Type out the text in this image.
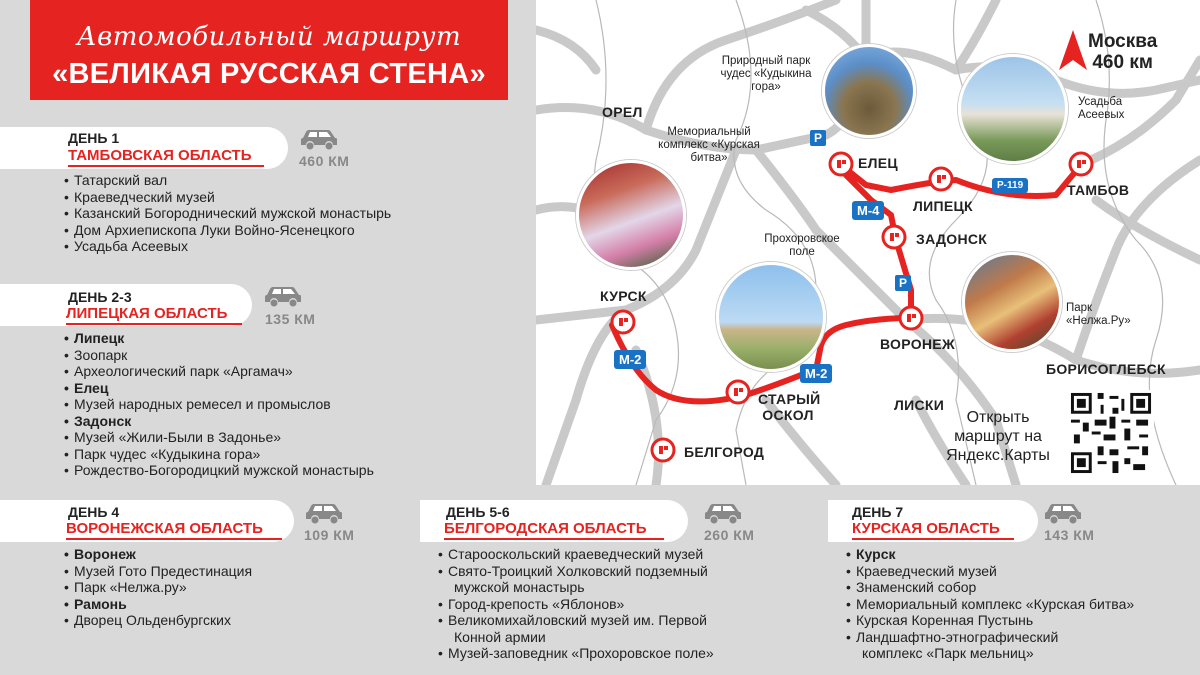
Автомобильный маршрут
«ВЕЛИКАЯ РУССКАЯ СТЕНА»
ДЕНЬ 1
ТАМБОВСКАЯ ОБЛАСТЬ	460 КМ
• Татарский вал
• Краеведческий музей
• Казанский Богороднический мужской монастырь
• Дом Архиепископа Луки Войно-Ясенецкого
• Усадьба Асеевых
ДЕНЬ 2-3
ЛИПЕЦКАЯ ОБЛАСТЬ	135 КМ
• Липецк
• Зоопарк
• Археологический парк «Аргамач»
• Елец
• Музей народных ремесел и промыслов
• Задонск
• Музей «Жили-Были в Задонье»
• Парк чудес «Кудыкина гора»
• Рождество-Богородицкий мужской монастырь
ДЕНЬ 4
ВОРОНЕЖСКАЯ ОБЛАСТЬ	109 КМ
• Воронеж
• Музей Гото Предестинация
• Парк «Нелжа.ру»
• Рамонь
• Дворец Ольденбургских
ДЕНЬ 5-6
БЕЛГОРОДСКАЯ ОБЛАСТЬ	260 КМ
• Старооскольский краеведческий музей
• Свято-Троицкий Холковский подземный
мужской монастырь
• Город-крепость «Яблонов»
• Великомихайловский музей им. Первой
Конной армии
• Музей-заповедник «Прохоровское поле»
ДЕНЬ 7
КУРСКАЯ ОБЛАСТЬ	143 КМ
• Курск
• Краеведческий музей
• Знаменский собор
• Мемориальный комплекс «Курская битва»
• Курская Коренная Пустынь
• Ландшафтно-этнографический
комплекс «Парк мельниц»
М-4
М-2
М-2
Р-119
P
P
ОРЕЛ
ЕЛЕЦ
ЛИПЕЦК
ТАМБОВ
ЗАДОНСК
КУРСК
ВОРОНЕЖ
БОРИСОГЛЕБСК
СТАРЫЙ ОСКОЛ
ЛИСКИ
БЕЛГОРОД
Природный парк чудес «Кудыкина гора»
Мемориальный комплекс «Курская битва»
Усадьба Асеевых
Прохоровское поле
Парк «Нелжа.Ру»
Москва
460 км
Открыть маршрут на Яндекс.Карты
